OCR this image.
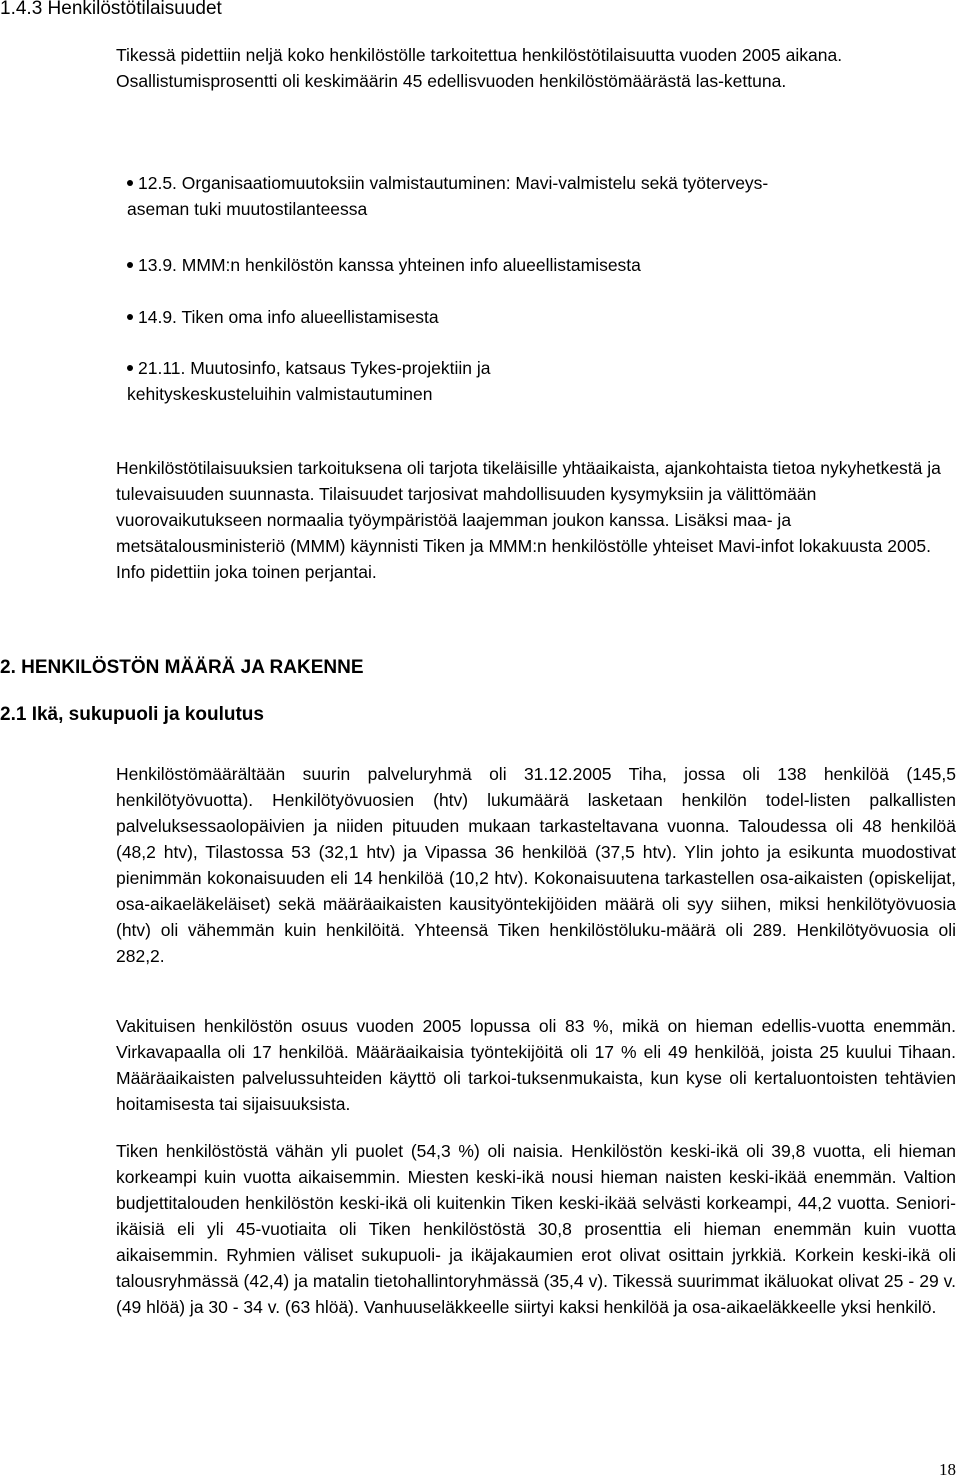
1.4.3 Henkilöstötilaisuudet

Tikessä pidettiin neljä koko henkilöstölle tarkoitettua henkilöstötilaisuutta vuoden 2005 aikana. Osallistumisprosentti oli keskimäärin 45 edellisvuoden henkilöstömäärästä las-kettuna.

12.5. Organisaatiomuutoksiin valmistautuminen: Mavi-valmistelu sekä työterveys-
aseman tuki muutostilanteessa
13.9. MMM:n henkilöstön kanssa yhteinen info alueellistamisesta
14.9. Tiken oma info alueellistamisesta
21.11. Muutosinfo, katsaus Tykes-projektiin ja
kehityskeskusteluihin valmistautuminen

Henkilöstötilaisuuksien tarkoituksena oli tarjota tikeläisille yhtäaikaista, ajankohtaista tietoa nykyhetkestä ja tulevaisuuden suunnasta. Tilaisuudet tarjosivat mahdollisuuden kysymyksiin ja välittömään vuorovaikutukseen normaalia työympäristöä laajemman joukon kanssa. Lisäksi maa- ja metsätalousministeriö (MMM) käynnisti Tiken ja MMM:n henkilöstölle yhteiset Mavi-infot lokakuusta 2005. Info pidettiin joka toinen perjantai.

2. HENKILÖSTÖN MÄÄRÄ JA RAKENNE
2.1 Ikä, sukupuoli ja koulutus

Henkilöstömäärältään suurin palveluryhmä oli 31.12.2005 Tiha, jossa oli 138 henkilöä (145,5 henkilötyövuotta). Henkilötyövuosien (htv) lukumäärä lasketaan henkilön todel-listen palkallisten palveluksessaolopäivien ja niiden pituuden mukaan tarkasteltavana vuonna. Taloudessa oli 48 henkilöä (48,2 htv), Tilastossa 53 (32,1 htv) ja Vipassa 36 henkilöä (37,5 htv). Ylin johto ja esikunta muodostivat pienimmän kokonaisuuden eli 14 henkilöä (10,2 htv). Kokonaisuutena tarkastellen osa-aikaisten (opiskelijat, osa-aikaeläkeläiset) sekä määräaikaisten kausityöntekijöiden määrä oli syy siihen, miksi henkilötyövuosia (htv) oli vähemmän kuin henkilöitä. Yhteensä Tiken henkilöstöluku-määrä oli 289. Henkilötyövuosia oli 282,2.

Vakituisen henkilöstön osuus vuoden 2005 lopussa oli 83 %, mikä on hieman edellis-vuotta enemmän. Virkavapaalla oli 17 henkilöä. Määräaikaisia työntekijöitä oli 17 % eli 49 henkilöä, joista 25 kuului Tihaan. Määräaikaisten palvelussuhteiden käyttö oli tarkoi-tuksenmukaista, kun kyse oli kertaluontoisten tehtävien hoitamisesta tai sijaisuuksista.

Tiken henkilöstöstä vähän yli puolet (54,3 %) oli naisia. Henkilöstön keski-ikä oli 39,8 vuotta, eli hieman korkeampi kuin vuotta aikaisemmin. Miesten keski-ikä nousi hieman naisten keski-ikää enemmän. Valtion budjettitalouden henkilöstön keski-ikä oli kuitenkin Tiken keski-ikää selvästi korkeampi, 44,2 vuotta. Seniori-ikäisiä eli yli 45-vuotiaita oli Tiken henkilöstöstä 30,8 prosenttia eli hieman enemmän kuin vuotta aikaisemmin. Ryhmien väliset sukupuoli- ja ikäjakaumien erot olivat osittain jyrkkiä. Korkein keski-ikä oli talousryhmässä (42,4) ja matalin tietohallintoryhmässä (35,4 v). Tikessä suurimmat ikäluokat olivat 25 - 29 v. (49 hlöä) ja 30 - 34 v. (63 hlöä). Vanhuuseläkkeelle siirtyi kaksi henkilöä ja osa-aikaeläkkeelle yksi henkilö.

18
